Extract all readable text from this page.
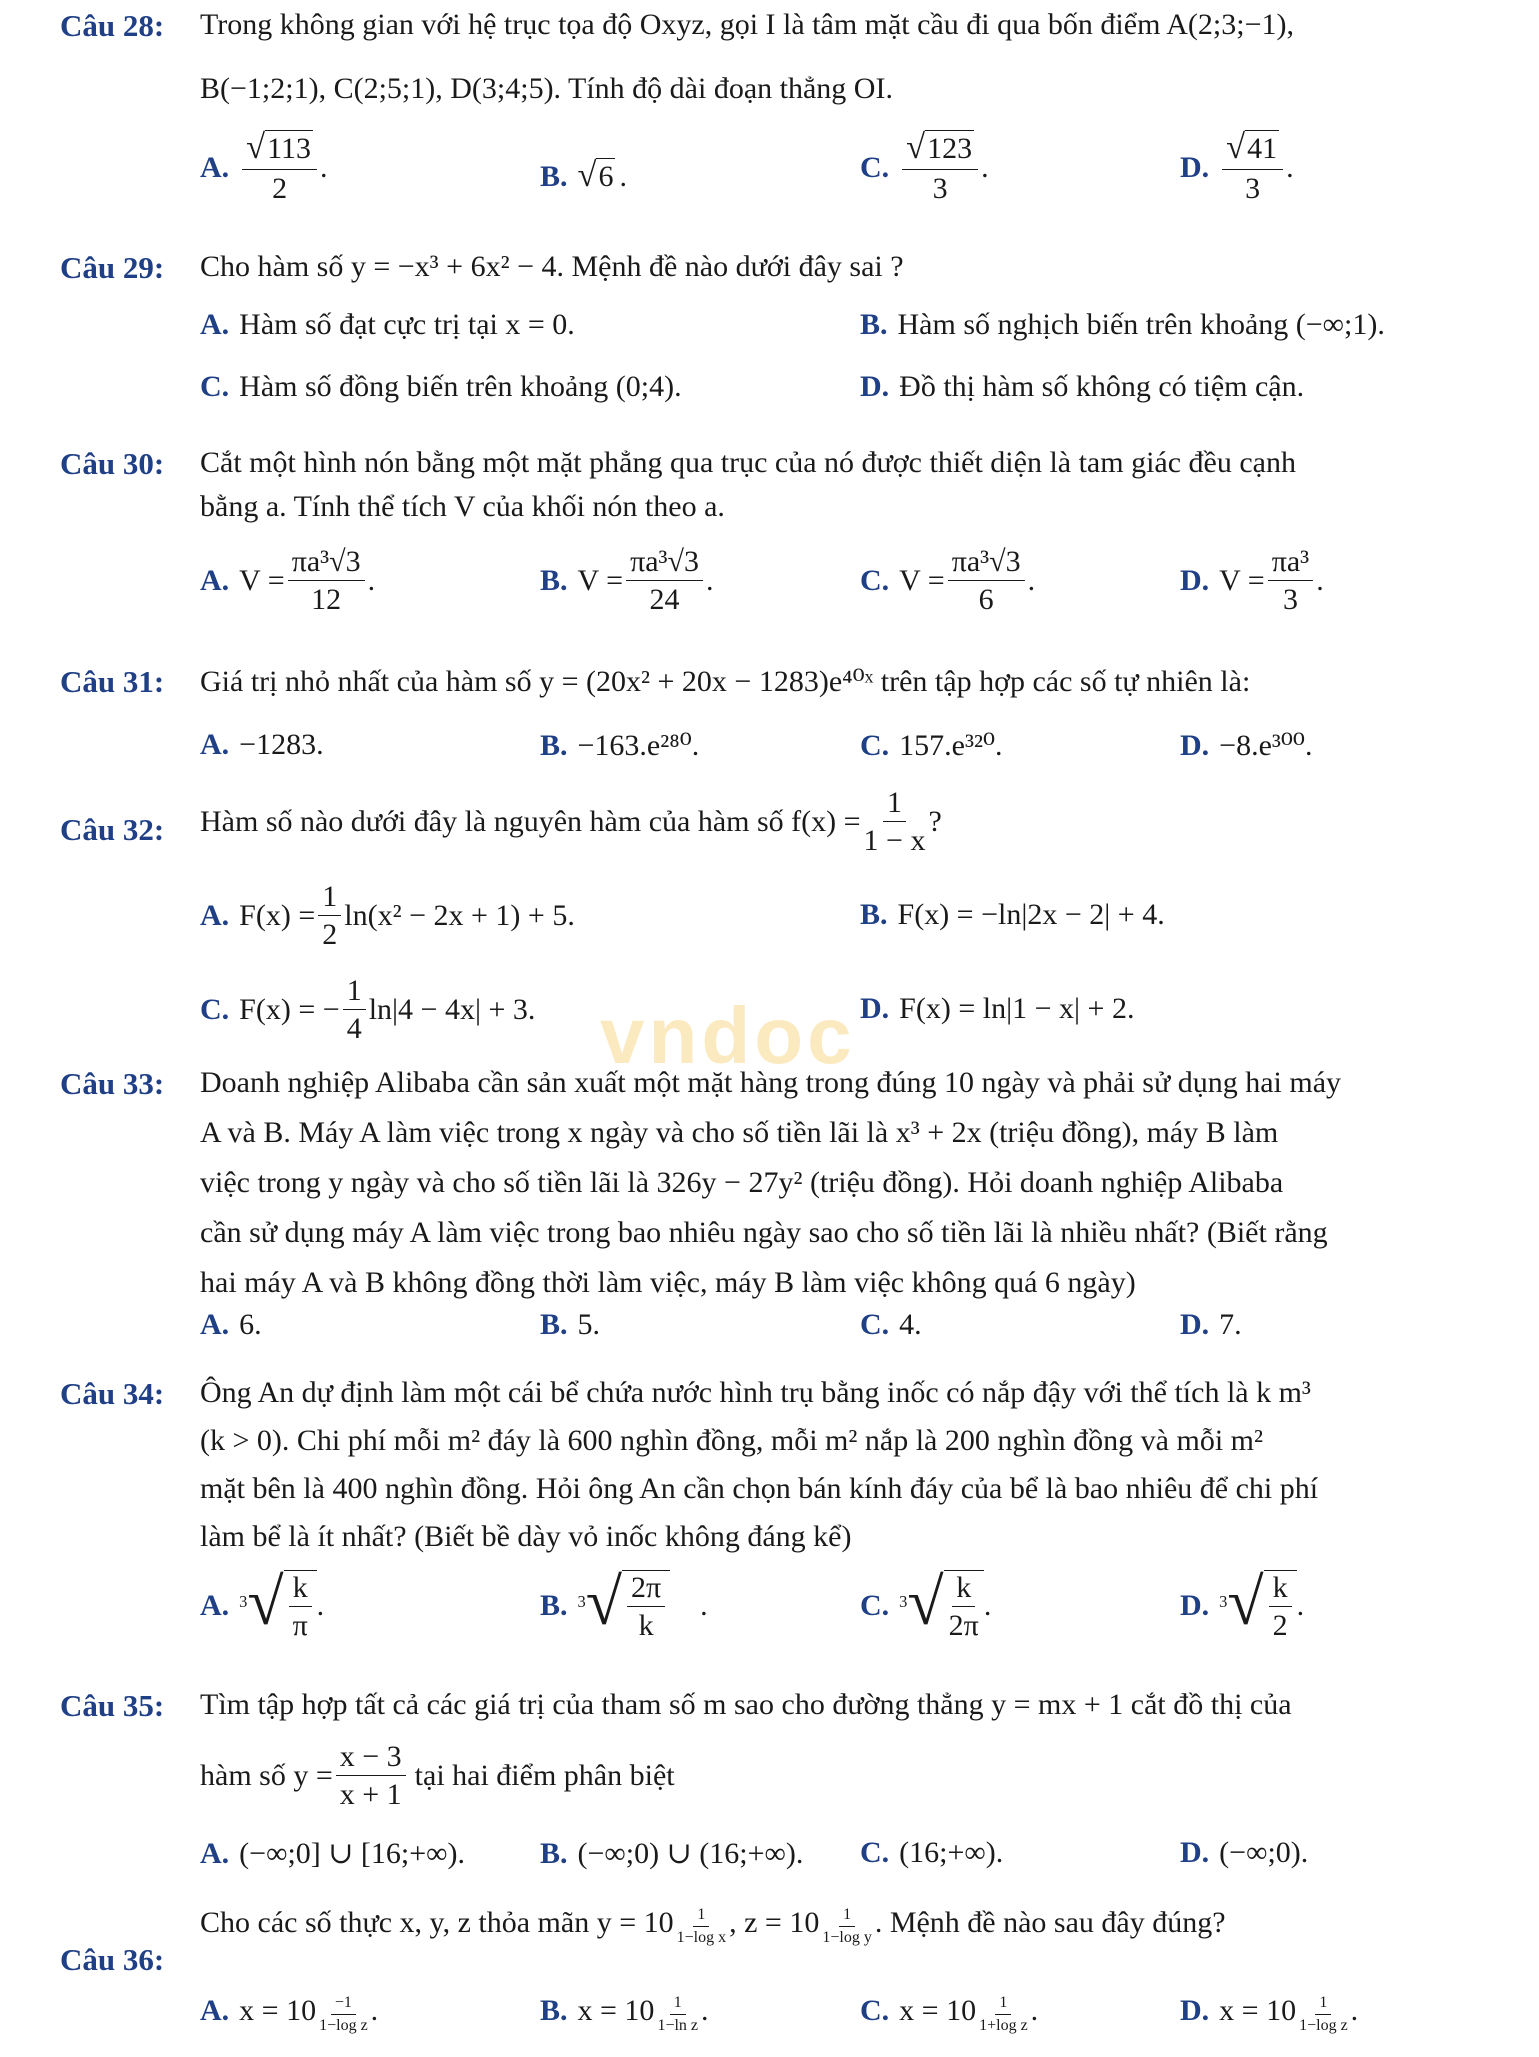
vndoc
Câu 28: Trong không gian với hệ trục tọa độ Oxyz, gọi I là tâm mặt cầu đi qua bốn điểm A(2;3;−1),
B(−1;2;1), C(2;5;1), D(3;4;5). Tính độ dài đoạn thẳng OI.
A.
√ 113
2
.	B. √ 6 .	C.
√ 123
3
.	D.
√ 41
3
.
Câu 29: Cho hàm số y = −x³ + 6x² − 4. Mệnh đề nào dưới đây sai ?
A. Hàm số đạt cực trị tại x = 0.	B. Hàm số nghịch biến trên khoảng (−∞;1).
C. Hàm số đồng biến trên khoảng (0;4).	D. Đồ thị hàm số không có tiệm cận.
Câu 30: Cắt một hình nón bằng một mặt phẳng qua trục của nó được thiết diện là tam giác đều cạnh
bằng a. Tính thể tích V của khối nón theo a.
A. $V = \frac{\text{πa³√3}}{12}$ .	B. $V = \frac{\text{πa³√3}}{24}$ .	C. $V = \frac{\text{πa³√3}}{6}$ .	D. $V = \frac{\text{πa³}}{3}$ .
Câu 31: Giá trị nhỏ nhất của hàm số y = (20x² + 20x − 1283)e⁴⁰ˣ trên tập hợp các số tự nhiên là:
A. −1283.	B. −163.e²⁸⁰.	C. 157.e³²⁰.	D. −8.e³⁰⁰.
Câu 32: Hàm số nào dưới đây là nguyên hàm của hàm số $f(x) = \frac{1}{1 - x}$ ?
A. $F(x) = \frac{1}{2} \ln(x^2 - 2x + 1) + 5$.	B. F(x) = −ln|2x − 2| + 4.
C. F(x) = − $\frac{1}{4} \ln|4 - 4x| + 3$.	D. F(x) = ln|1 − x| + 2.
Câu 33: Doanh nghiệp Alibaba cần sản xuất một mặt hàng trong đúng 10 ngày và phải sử dụng hai máy
A và B. Máy A làm việc trong x ngày và cho số tiền lãi là x³ + 2x (triệu đồng), máy B làm
việc trong y ngày và cho số tiền lãi là 326y − 27y² (triệu đồng). Hỏi doanh nghiệp Alibaba
cần sử dụng máy A làm việc trong bao nhiêu ngày sao cho số tiền lãi là nhiều nhất? (Biết rằng
hai máy A và B không đồng thời làm việc, máy B làm việc không quá 6 ngày)
A. 6.	B. 5.	C. 4.	D. 7.
Câu 34: Ông An dự định làm một cái bể chứa nước hình trụ bằng inốc có nắp đậy với thể tích là k m³
(k > 0). Chi phí mỗi m² đáy là 600 nghìn đồng, mỗi m² nắp là 200 nghìn đồng và mỗi m²
mặt bên là 400 nghìn đồng. Hỏi ông An cần chọn bán kính đáy của bể là bao nhiêu để chi phí
làm bể là ít nhất? (Biết bề dày vỏ inốc không đáng kể)
A. 3 √ $\frac{k}{\pi}$ .	B. 3 √ $\frac{2\pi}{k}$ .	C. 3 √ $\frac{k}{2\pi}$ .	D. 3 √ $\frac{k}{2}$ .
Câu 35: Tìm tập hợp tất cả các giá trị của tham số m sao cho đường thẳng y = mx + 1 cắt đồ thị của
hàm số $y = \frac{x - 3}{x + 1}$ tại hai điểm phân biệt
A. (−∞;0] ∪ [16;+∞). B. (−∞;0) ∪ (16;+∞). C. (16;+∞).	D. (−∞;0).
Câu 36:
Cho các số thực x, y, z thỏa mãn $y = 10 \frac{1}{\text{1−log x}}$ , $z = 10 \frac{1}{\text{1−log y}}$ . Mệnh đề nào sau đây đúng?
A. $x = 10 \frac{-1}{\text{1−log z}}$ .	B. $x = 10 \frac{1}{\text{1−ln z}}$ .	C. $x = 10 \frac{1}{\text{1+log z}}$ .	D. $x = 10 \frac{1}{\text{1−log z}}$ .
